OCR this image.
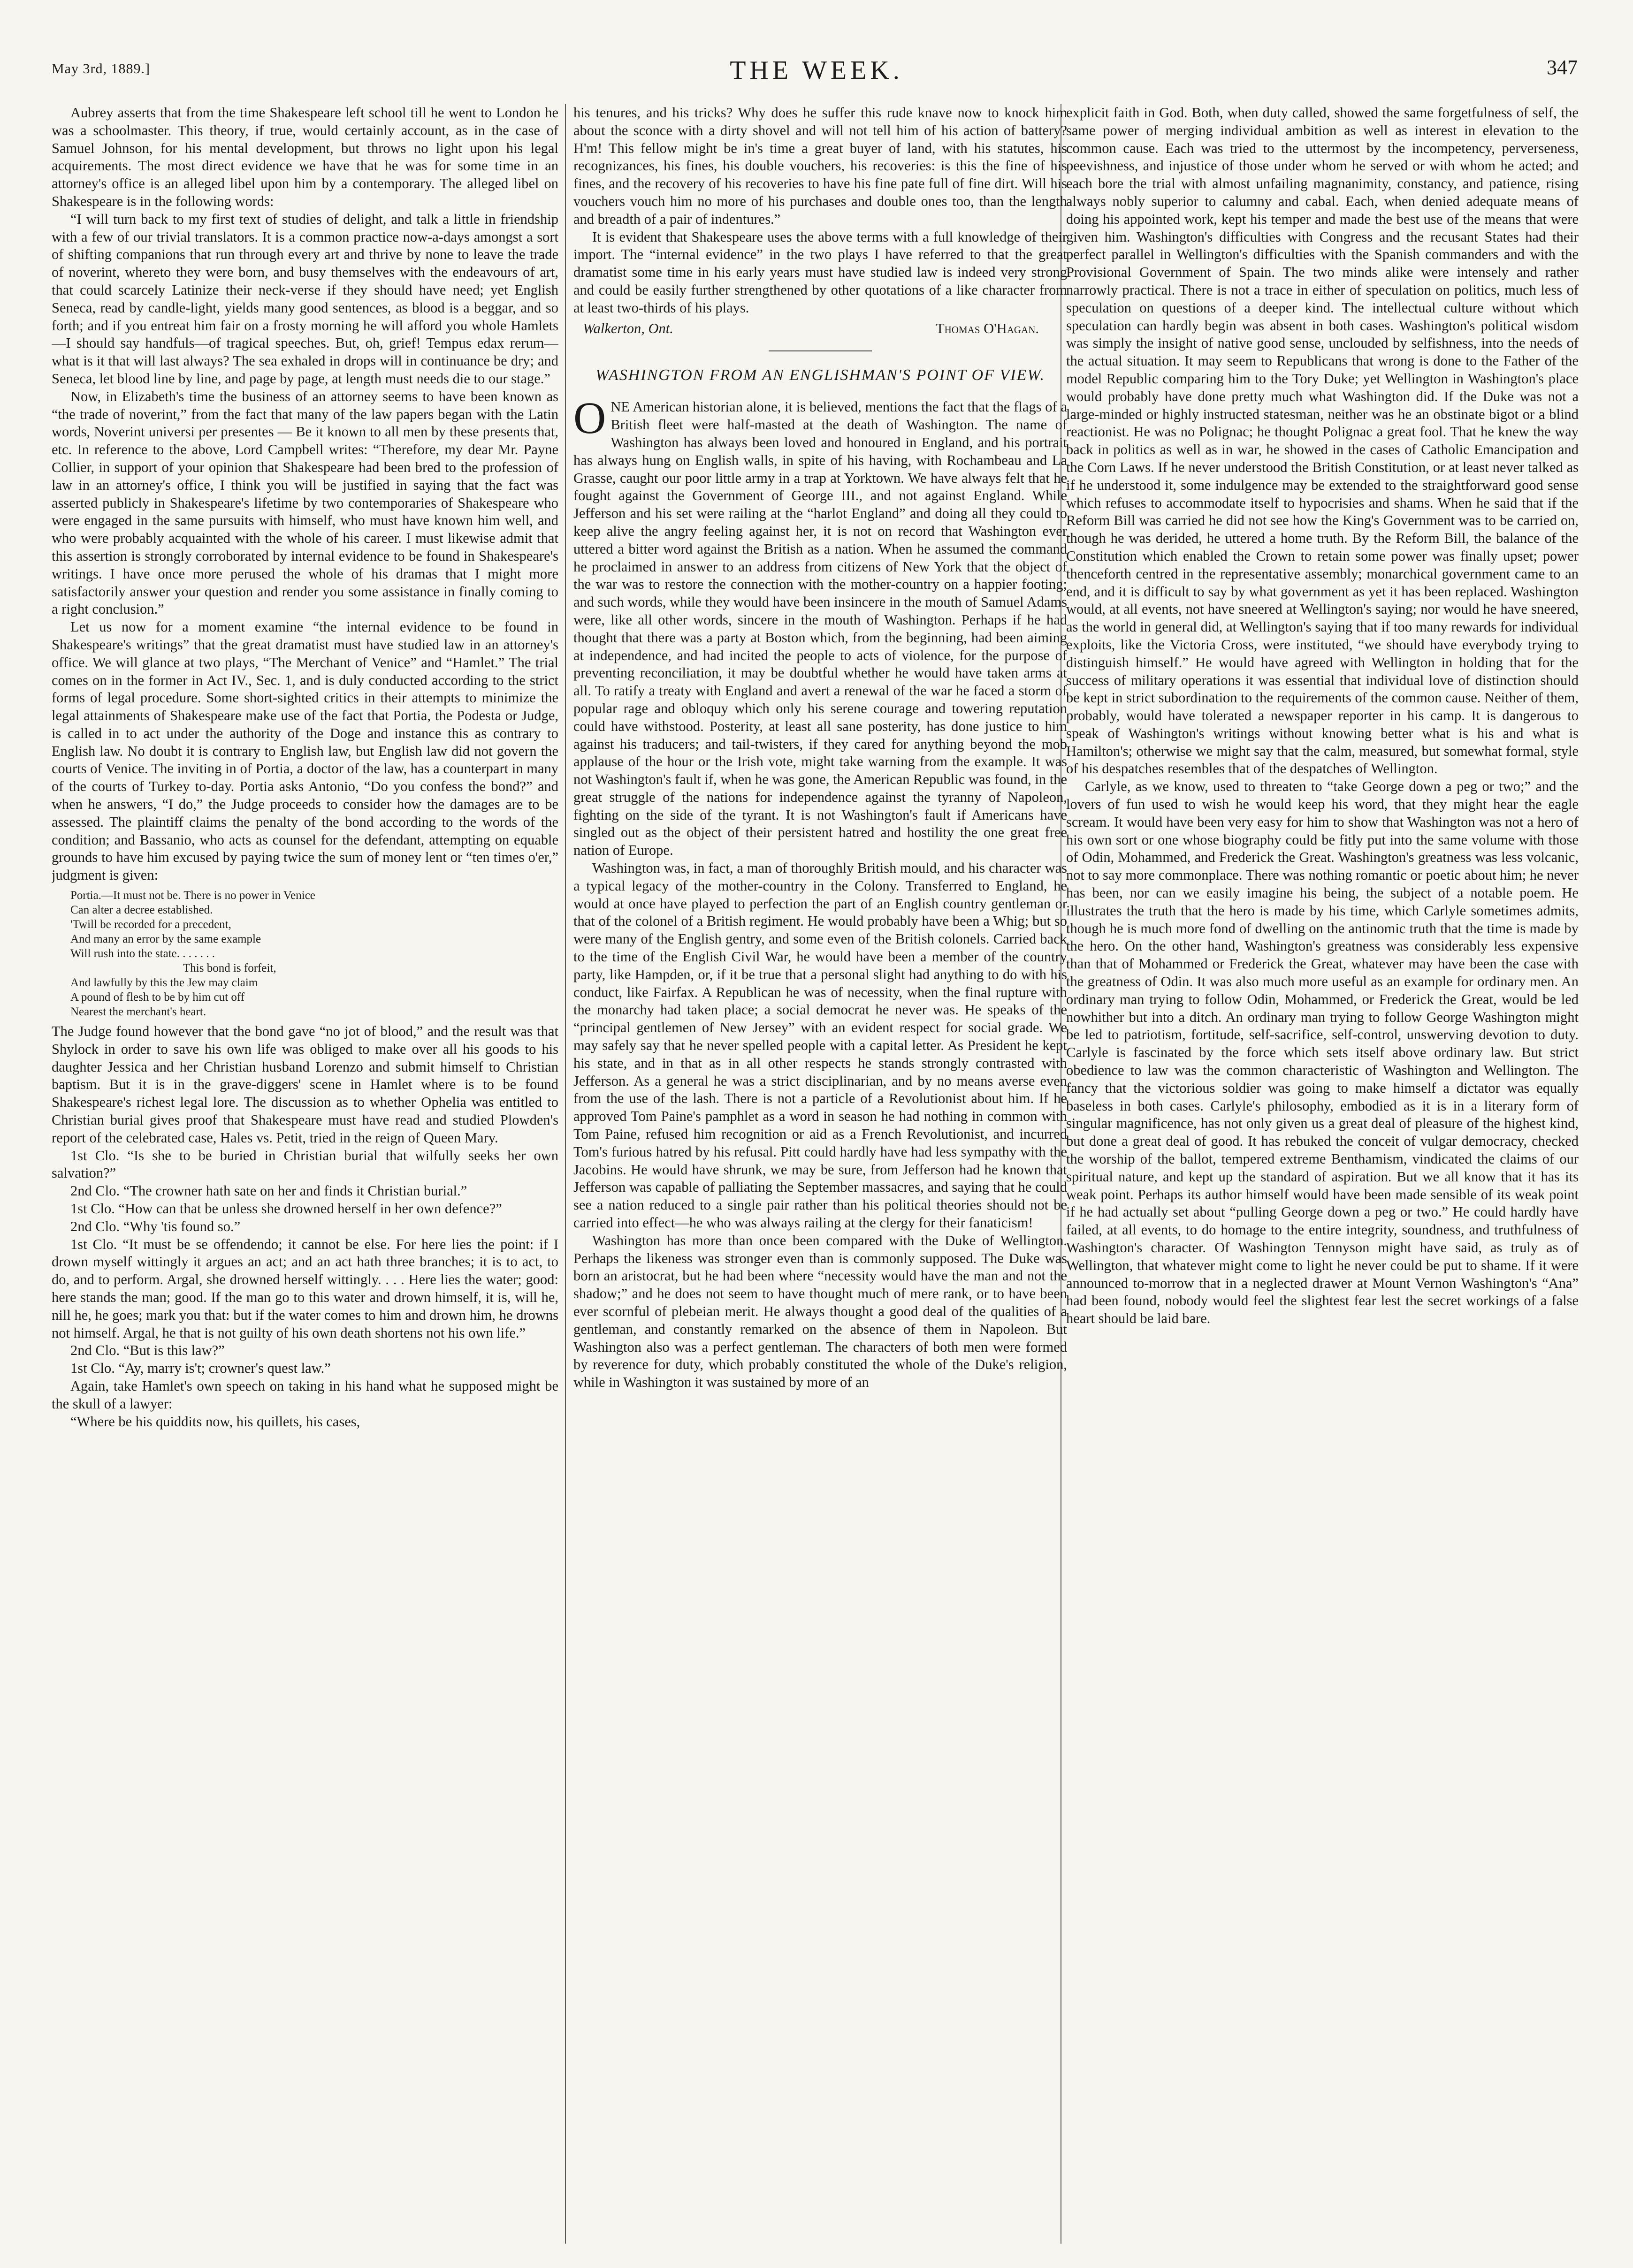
May 3rd, 1889.]	THE WEEK.	347

Aubrey asserts that from the time Shakespeare left school till he went to London he was a schoolmaster. This theory, if true, would certainly account, as in the case of Samuel Johnson, for his mental development, but throws no light upon his legal acquirements. The most direct evidence we have that he was for some time in an attorney's office is an alleged libel upon him by a contemporary. The alleged libel on Shakespeare is in the following words:

“I will turn back to my first text of studies of delight, and talk a little in friendship with a few of our trivial translators. It is a common practice now-a-days amongst a sort of shifting companions that run through every art and thrive by none to leave the trade of noverint, whereto they were born, and busy themselves with the endeavours of art, that could scarcely Latinize their neck-verse if they should have need; yet English Seneca, read by candle-light, yields many good sentences, as blood is a beggar, and so forth; and if you entreat him fair on a frosty morning he will afford you whole Hamlets—I should say handfuls—of tragical speeches. But, oh, grief! Tempus edax rerum—what is it that will last always? The sea exhaled in drops will in continuance be dry; and Seneca, let blood line by line, and page by page, at length must needs die to our stage.”

Now, in Elizabeth's time the business of an attorney seems to have been known as “the trade of noverint,” from the fact that many of the law papers began with the Latin words, Noverint universi per presentes — Be it known to all men by these presents that, etc. In reference to the above, Lord Campbell writes: “Therefore, my dear Mr. Payne Collier, in support of your opinion that Shakespeare had been bred to the profession of law in an attorney's office, I think you will be justified in saying that the fact was asserted publicly in Shakespeare's lifetime by two contemporaries of Shakespeare who were engaged in the same pursuits with himself, who must have known him well, and who were probably acquainted with the whole of his career. I must likewise admit that this assertion is strongly corroborated by internal evidence to be found in Shakespeare's writings. I have once more perused the whole of his dramas that I might more satisfactorily answer your question and render you some assistance in finally coming to a right conclusion.”

Let us now for a moment examine “the internal evidence to be found in Shakespeare's writings” that the great dramatist must have studied law in an attorney's office. We will glance at two plays, “The Merchant of Venice” and “Hamlet.” The trial comes on in the former in Act IV., Sec. 1, and is duly conducted according to the strict forms of legal procedure. Some short-sighted critics in their attempts to minimize the legal attainments of Shakespeare make use of the fact that Portia, the Podesta or Judge, is called in to act under the authority of the Doge and instance this as contrary to English law. No doubt it is contrary to English law, but English law did not govern the courts of Venice. The inviting in of Portia, a doctor of the law, has a counterpart in many of the courts of Turkey to-day. Portia asks Antonio, “Do you confess the bond?” and when he answers, “I do,” the Judge proceeds to consider how the damages are to be assessed. The plaintiff claims the penalty of the bond according to the words of the condition; and Bassanio, who acts as counsel for the defendant, attempting on equable grounds to have him excused by paying twice the sum of money lent or “ten times o'er,” judgment is given:

Portia.—It must not be. There is no power in Venice
Can alter a decree established.
'Twill be recorded for a precedent,
And many an error by the same example
Will rush into the state. . . . . . .
This bond is forfeit,
And lawfully by this the Jew may claim
A pound of flesh to be by him cut off
Nearest the merchant's heart.

The Judge found however that the bond gave “no jot of blood,” and the result was that Shylock in order to save his own life was obliged to make over all his goods to his daughter Jessica and her Christian husband Lorenzo and submit himself to Christian baptism. But it is in the grave-diggers' scene in Hamlet where is to be found Shakespeare's richest legal lore. The discussion as to whether Ophelia was entitled to Christian burial gives proof that Shakespeare must have read and studied Plowden's report of the celebrated case, Hales vs. Petit, tried in the reign of Queen Mary.

1st Clo. “Is she to be buried in Christian burial that wilfully seeks her own salvation?”

2nd Clo. “The crowner hath sate on her and finds it Christian burial.”

1st Clo. “How can that be unless she drowned herself in her own defence?”

2nd Clo. “Why 'tis found so.”

1st Clo. “It must be se offendendo; it cannot be else. For here lies the point: if I drown myself wittingly it argues an act; and an act hath three branches; it is to act, to do, and to perform. Argal, she drowned herself wittingly. . . . Here lies the water; good: here stands the man; good. If the man go to this water and drown himself, it is, will he, nill he, he goes; mark you that: but if the water comes to him and drown him, he drowns not himself. Argal, he that is not guilty of his own death shortens not his own life.”

2nd Clo. “But is this law?”

1st Clo. “Ay, marry is't; crowner's quest law.”

Again, take Hamlet's own speech on taking in his hand what he supposed might be the skull of a lawyer:

“Where be his quiddits now, his quillets, his cases,

his tenures, and his tricks? Why does he suffer this rude knave now to knock him about the sconce with a dirty shovel and will not tell him of his action of battery? H'm! This fellow might be in's time a great buyer of land, with his statutes, his recognizances, his fines, his double vouchers, his recoveries: is this the fine of his fines, and the recovery of his recoveries to have his fine pate full of fine dirt. Will his vouchers vouch him no more of his purchases and double ones too, than the length and breadth of a pair of indentures.”

It is evident that Shakespeare uses the above terms with a full knowledge of their import. The “internal evidence” in the two plays I have referred to that the great dramatist some time in his early years must have studied law is indeed very strong and could be easily further strengthened by other quotations of a like character from at least two-thirds of his plays.

Walkerton, Ont.	Thomas O'Hagan.
WASHINGTON FROM AN ENGLISHMAN'S POINT OF VIEW.

ONE American historian alone, it is believed, mentions the fact that the flags of a British fleet were half-masted at the death of Washington. The name of Washington has always been loved and honoured in England, and his portrait has always hung on English walls, in spite of his having, with Rochambeau and La Grasse, caught our poor little army in a trap at Yorktown. We have always felt that he fought against the Government of George III., and not against England. While Jefferson and his set were railing at the “harlot England” and doing all they could to keep alive the angry feeling against her, it is not on record that Washington ever uttered a bitter word against the British as a nation. When he assumed the command he proclaimed in answer to an address from citizens of New York that the object of the war was to restore the connection with the mother-country on a happier footing; and such words, while they would have been insincere in the mouth of Samuel Adams were, like all other words, sincere in the mouth of Washington. Perhaps if he had thought that there was a party at Boston which, from the beginning, had been aiming at independence, and had incited the people to acts of violence, for the purpose of preventing reconciliation, it may be doubtful whether he would have taken arms at all. To ratify a treaty with England and avert a renewal of the war he faced a storm of popular rage and obloquy which only his serene courage and towering reputation could have withstood. Posterity, at least all sane posterity, has done justice to him against his traducers; and tail-twisters, if they cared for anything beyond the mob applause of the hour or the Irish vote, might take warning from the example. It was not Washington's fault if, when he was gone, the American Republic was found, in the great struggle of the nations for independence against the tyranny of Napoleon, fighting on the side of the tyrant. It is not Washington's fault if Americans have singled out as the object of their persistent hatred and hostility the one great free nation of Europe.

Washington was, in fact, a man of thoroughly British mould, and his character was a typical legacy of the mother-country in the Colony. Transferred to England, he would at once have played to perfection the part of an English country gentleman or that of the colonel of a British regiment. He would probably have been a Whig; but so were many of the English gentry, and some even of the British colonels. Carried back to the time of the English Civil War, he would have been a member of the country party, like Hampden, or, if it be true that a personal slight had anything to do with his conduct, like Fairfax. A Republican he was of necessity, when the final rupture with the monarchy had taken place; a social democrat he never was. He speaks of the “principal gentlemen of New Jersey” with an evident respect for social grade. We may safely say that he never spelled people with a capital letter. As President he kept his state, and in that as in all other respects he stands strongly contrasted with Jefferson. As a general he was a strict disciplinarian, and by no means averse even from the use of the lash. There is not a particle of a Revolutionist about him. If he approved Tom Paine's pamphlet as a word in season he had nothing in common with Tom Paine, refused him recognition or aid as a French Revolutionist, and incurred Tom's furious hatred by his refusal. Pitt could hardly have had less sympathy with the Jacobins. He would have shrunk, we may be sure, from Jefferson had he known that Jefferson was capable of palliating the September massacres, and saying that he could see a nation reduced to a single pair rather than his political theories should not be carried into effect—he who was always railing at the clergy for their fanaticism!

Washington has more than once been compared with the Duke of Wellington. Perhaps the likeness was stronger even than is commonly supposed. The Duke was born an aristocrat, but he had been where “necessity would have the man and not the shadow;” and he does not seem to have thought much of mere rank, or to have been ever scornful of plebeian merit. He always thought a good deal of the qualities of a gentleman, and constantly remarked on the absence of them in Napoleon. But Washington also was a perfect gentleman. The characters of both men were formed by reverence for duty, which probably constituted the whole of the Duke's religion, while in Washington it was sustained by more of an

explicit faith in God. Both, when duty called, showed the same forgetfulness of self, the same power of merging individual ambition as well as interest in elevation to the common cause. Each was tried to the uttermost by the incompetency, perverseness, peevishness, and injustice of those under whom he served or with whom he acted; and each bore the trial with almost unfailing magnanimity, constancy, and patience, rising always nobly superior to calumny and cabal. Each, when denied adequate means of doing his appointed work, kept his temper and made the best use of the means that were given him. Washington's difficulties with Congress and the recusant States had their perfect parallel in Wellington's difficulties with the Spanish commanders and with the Provisional Government of Spain. The two minds alike were intensely and rather narrowly practical. There is not a trace in either of speculation on politics, much less of speculation on questions of a deeper kind. The intellectual culture without which speculation can hardly begin was absent in both cases. Washington's political wisdom was simply the insight of native good sense, unclouded by selfishness, into the needs of the actual situation. It may seem to Republicans that wrong is done to the Father of the model Republic comparing him to the Tory Duke; yet Wellington in Washington's place would probably have done pretty much what Washington did. If the Duke was not a large-minded or highly instructed statesman, neither was he an obstinate bigot or a blind reactionist. He was no Polignac; he thought Polignac a great fool. That he knew the way back in politics as well as in war, he showed in the cases of Catholic Emancipation and the Corn Laws. If he never understood the British Constitution, or at least never talked as if he understood it, some indulgence may be extended to the straightforward good sense which refuses to accommodate itself to hypocrisies and shams. When he said that if the Reform Bill was carried he did not see how the King's Government was to be carried on, though he was derided, he uttered a home truth. By the Reform Bill, the balance of the Constitution which enabled the Crown to retain some power was finally upset; power thenceforth centred in the representative assembly; monarchical government came to an end, and it is difficult to say by what government as yet it has been replaced. Washington would, at all events, not have sneered at Wellington's saying; nor would he have sneered, as the world in general did, at Wellington's saying that if too many rewards for individual exploits, like the Victoria Cross, were instituted, “we should have everybody trying to distinguish himself.” He would have agreed with Wellington in holding that for the success of military operations it was essential that individual love of distinction should be kept in strict subordination to the requirements of the common cause. Neither of them, probably, would have tolerated a newspaper reporter in his camp. It is dangerous to speak of Washington's writings without knowing better what is his and what is Hamilton's; otherwise we might say that the calm, measured, but somewhat formal, style of his despatches resembles that of the despatches of Wellington.

Carlyle, as we know, used to threaten to “take George down a peg or two;” and the lovers of fun used to wish he would keep his word, that they might hear the eagle scream. It would have been very easy for him to show that Washington was not a hero of his own sort or one whose biography could be fitly put into the same volume with those of Odin, Mohammed, and Frederick the Great. Washington's greatness was less volcanic, not to say more commonplace. There was nothing romantic or poetic about him; he never has been, nor can we easily imagine his being, the subject of a notable poem. He illustrates the truth that the hero is made by his time, which Carlyle sometimes admits, though he is much more fond of dwelling on the antinomic truth that the time is made by the hero. On the other hand, Washington's greatness was considerably less expensive than that of Mohammed or Frederick the Great, whatever may have been the case with the greatness of Odin. It was also much more useful as an example for ordinary men. An ordinary man trying to follow Odin, Mohammed, or Frederick the Great, would be led nowhither but into a ditch. An ordinary man trying to follow George Washington might be led to patriotism, fortitude, self-sacrifice, self-control, unswerving devotion to duty. Carlyle is fascinated by the force which sets itself above ordinary law. But strict obedience to law was the common characteristic of Washington and Wellington. The fancy that the victorious soldier was going to make himself a dictator was equally baseless in both cases. Carlyle's philosophy, embodied as it is in a literary form of singular magnificence, has not only given us a great deal of pleasure of the highest kind, but done a great deal of good. It has rebuked the conceit of vulgar democracy, checked the worship of the ballot, tempered extreme Benthamism, vindicated the claims of our spiritual nature, and kept up the standard of aspiration. But we all know that it has its weak point. Perhaps its author himself would have been made sensible of its weak point if he had actually set about “pulling George down a peg or two.” He could hardly have failed, at all events, to do homage to the entire integrity, soundness, and truthfulness of Washington's character. Of Washington Tennyson might have said, as truly as of Wellington, that whatever might come to light he never could be put to shame. If it were announced to-morrow that in a neglected drawer at Mount Vernon Washington's “Ana” had been found, nobody would feel the slightest fear lest the secret workings of a false heart should be laid bare.
